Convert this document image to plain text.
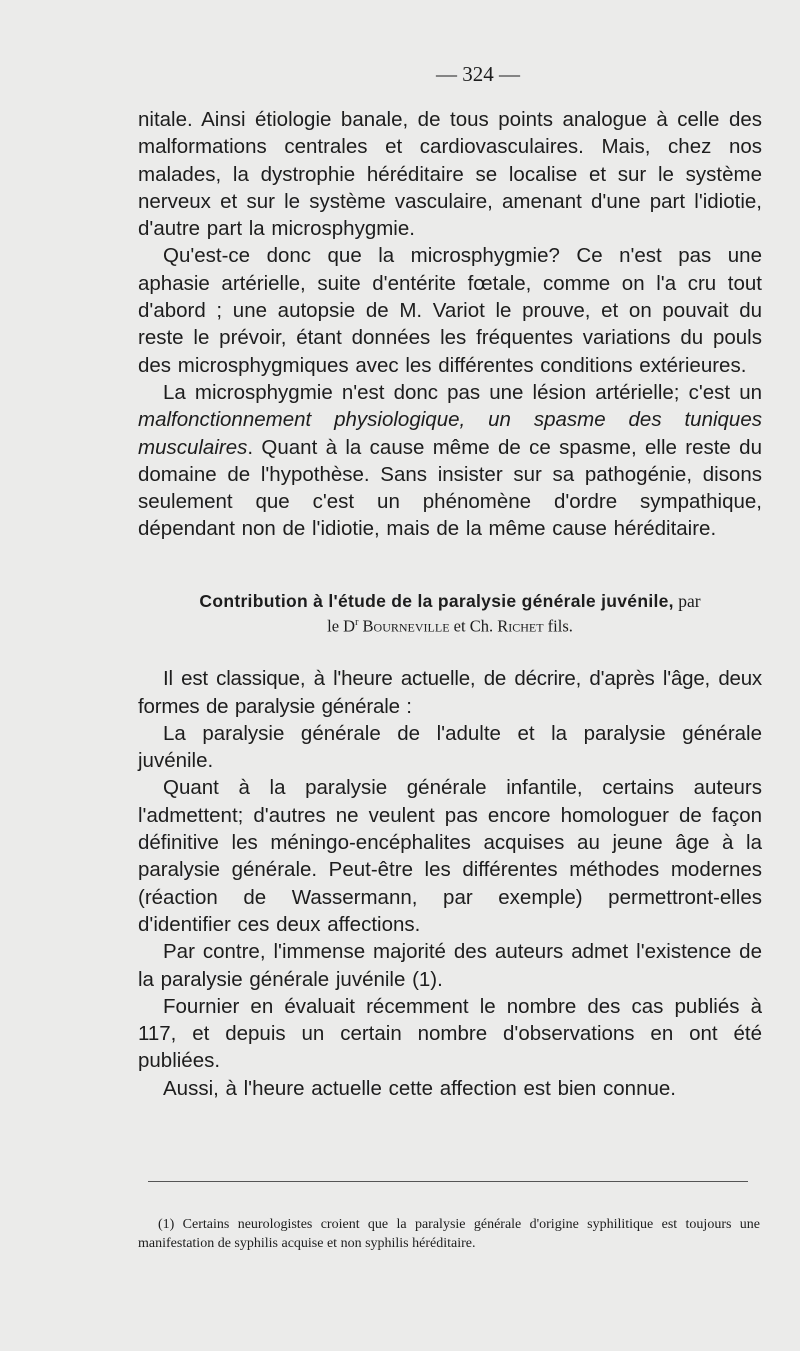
— 324 —

nitale. Ainsi étiologie banale, de tous points analogue à celle des malformations centrales et cardiovasculaires. Mais, chez nos malades, la dystrophie héréditaire se localise et sur le système nerveux et sur le système vasculaire, amenant d'une part l'idiotie, d'autre part la microsphygmie.

Qu'est-ce donc que la microsphygmie? Ce n'est pas une aphasie artérielle, suite d'entérite fœtale, comme on l'a cru tout d'abord ; une autopsie de M. Variot le prouve, et on pouvait du reste le prévoir, étant données les fréquentes variations du pouls des microsphygmiques avec les différentes conditions extérieures.

La microsphygmie n'est donc pas une lésion artérielle; c'est un malfonctionnement physiologique, un spasme des tuniques musculaires. Quant à la cause même de ce spasme, elle reste du domaine de l'hypothèse. Sans insister sur sa pathogénie, disons seulement que c'est un phénomène d'ordre sympathique, dépendant non de l'idiotie, mais de la même cause héréditaire.

Contribution à l'étude de la paralysie générale juvénile, par
le $D^r$ Bourneville et Ch. Richet fils.

Il est classique, à l'heure actuelle, de décrire, d'après l'âge, deux formes de paralysie générale :

La paralysie générale de l'adulte et la paralysie générale juvénile.

Quant à la paralysie générale infantile, certains auteurs l'admettent; d'autres ne veulent pas encore homologuer de façon définitive les méningo-encéphalites acquises au jeune âge à la paralysie générale. Peut-être les différentes méthodes modernes (réaction de Wassermann, par exemple) permettront-elles d'identifier ces deux affections.

Par contre, l'immense majorité des auteurs admet l'existence de la paralysie générale juvénile (1).

Fournier en évaluait récemment le nombre des cas publiés à 117, et depuis un certain nombre d'observations en ont été publiées.

Aussi, à l'heure actuelle cette affection est bien connue.

(1) Certains neurologistes croient que la paralysie générale d'origine syphilitique est toujours une manifestation de syphilis acquise et non syphilis héréditaire.
